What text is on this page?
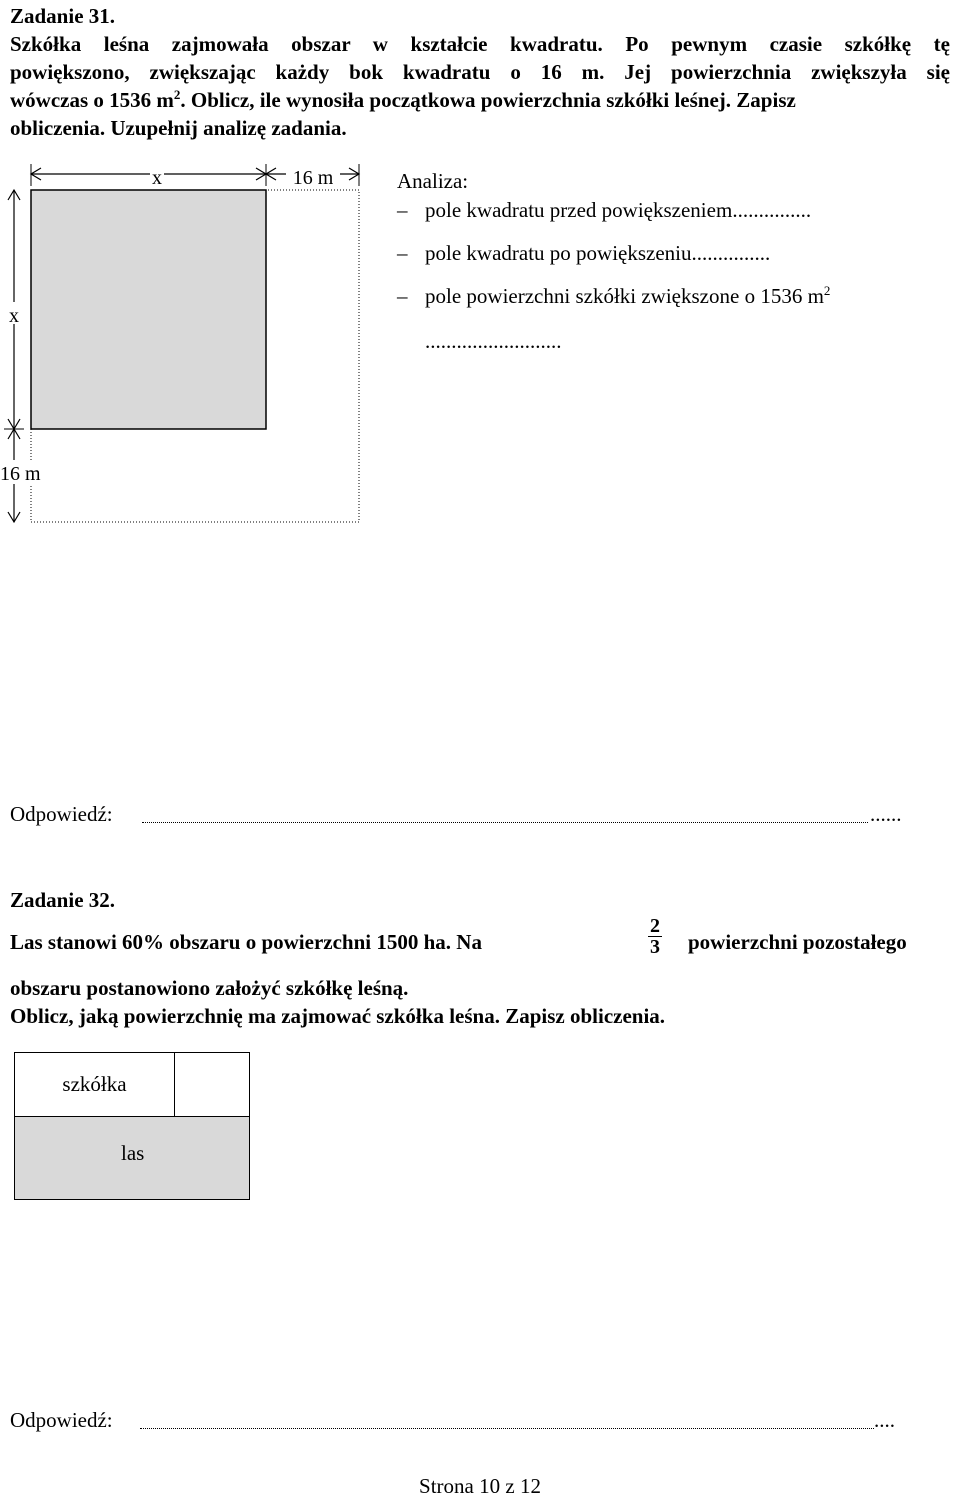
Zadanie 31.
Szkółka leśna zajmowała obszar w kształcie kwadratu. Po pewnym czasie szkółkę tę
powiększono, zwiększając każdy bok kwadratu o 16 m. Jej powierzchnia zwiększyła się
wówczas o 1536 $m^2$. Oblicz, ile wynosiła początkowa powierzchnia szkółki leśnej. Zapisz
obliczenia. Uzupełnij analizę zadania.
x	16 m
x
16 m
Analiza:
– pole kwadratu przed powiększeniem...............
– pole kwadratu po powiększeniu...............
– pole powierzchni szkółki zwiększone o 1536 $m^2$
..........................
Odpowiedź:	......
Zadanie 32.
Las stanowi 60% obszaru o powierzchni 1500 ha. Na	$\frac{2}{3}$ powierzchni pozostałego
obszaru postanowiono założyć szkółkę leśną.
Oblicz, jaką powierzchnię ma zajmować szkółka leśna. Zapisz obliczenia.
szkółka
las
Odpowiedź:	....
Strona 10 z 12
